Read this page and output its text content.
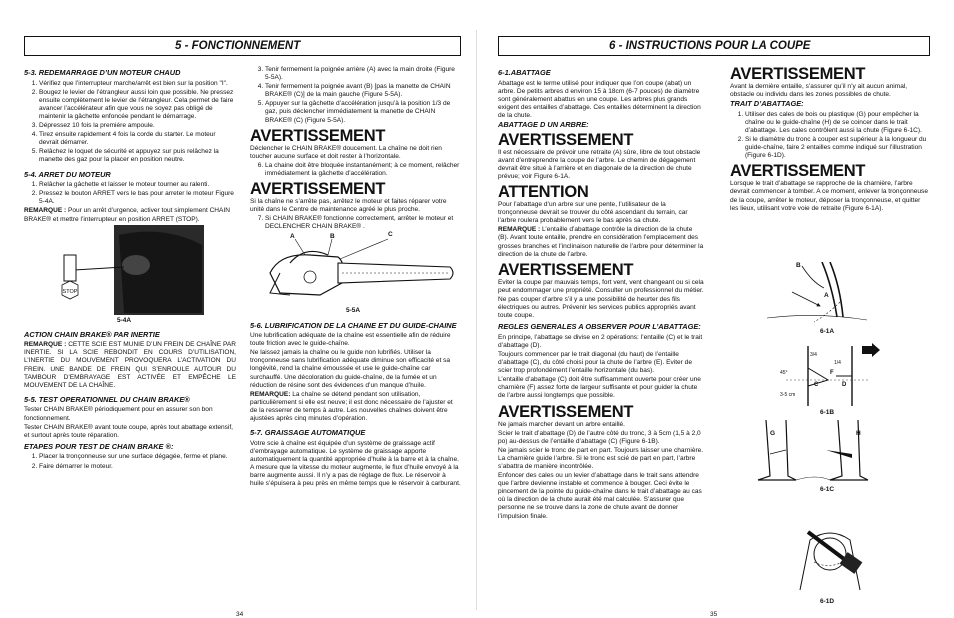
5 - FONCTIONNEMENT
5-3. REDEMARRAGE D’UN MOTEUR CHAUD
1. Vérifiez que l’interrupteur marche/arrêt est bien sur la position "I".
2. Bougez le levier de l’étrangleur aussi loin que possible. Ne pressez ensuite complètement le levier de l’étrangleur. Cela permet de faire avancer l’accélérateur afin que vous ne soyez pas obligé de maintenir la gâchette enfoncée pendant le démarrage.
3. Dépressez 10 fois la premiére ampoule.
4. Tirez ensuite rapidement 4 fois la corde du starter. Le moteur devrait démarrer.
5. Relâchez le loquet de sécurité et appuyez sur puis relâchez la manette des gaz pour la placer en position neutre.
5-4. ARRET DU MOTEUR
1. Relâcher la gâchette et laisser le moteur tourner au ralenti.
2. Pressez le bouton ARRET vers le bas pour arreter le moteur Figure 5-4A.

REMARQUE : Pour un arrêt d’urgence, activer tout simplement CHAIN BRAKE® et mettre l’interrupteur en position ARRET (STOP).

STOP
5-4A
ACTION CHAIN BRAKE® PAR INERTIE

REMARQUE : CETTE SCIE EST MUNIE D’UN FREIN DE CHAÎNE PAR INERTIE. SI LA SCIE REBONDIT EN COURS D’UTILISATION, L’INERTIE DU MOUVEMENT PROVOQUERA L’ACTIVATION DU FREIN. UNE BANDE DE FREIN QUI S’ENROULE AUTOUR DU TAMBOUR D’EMBRAYAGE EST ACTIVÉE ET EMPÊCHE LE MOUVEMENT DE LA CHAÎNE.

5-5. TEST OPERATIONNEL DU CHAIN BRAKE®

Tester CHAIN BRAKE® périodiquement pour en assurer son bon fonctionnement.

Tester CHAIN BRAKE® avant toute coupe, après tout abattage extensif, et surtout après toute réparation.

ETAPES POUR TEST DE CHAIN BRAKE ®:
1. Placer la tronçonneuse sur une surface dégagée, ferme et plane.
2. Faire démarrer le moteur.
3. Tenir fermement la poignée arrière (A) avec la main droite (Figure 5-5A).
4. Tenir fermement la poignée avant (B) [pas la manette de CHAIN BRAKE® (C)] de la main gauche (Figure 5-5A).
5. Appuyer sur la gâchette d’accélération jusqu’à la position 1/3 de gaz, puis déclencher immédiatement la manette de CHAIN BRAKE® (C) (Figure 5-5A).
AVERTISSEMENT

Déclencher le CHAIN BRAKE® doucement. La chaîne ne doit rien toucher aucune surface et doit rester à l’horizontale.

6. La chaine doit être bloquée instantanément; à ce moment, relâcher immédiatement la gâchette d’accélération.
AVERTISSEMENT

Si la chaîne ne s’arrête pas, arrêtez le moteur et faites réparer votre unité dans le Centre de maintenance agréé le plus proche.

7. Si CHAIN BRAKE® fonctionne correctement, arrêter le moteur et DECLENCHER CHAIN BRAKE® .
A	B	C
5-5A
5-6. LUBRIFICATION DE LA CHAINE ET DU GUIDE-CHAINE

Une lubrification adéquate de la chaîne est essentielle afin de réduire toute friction avec le guide-chaîne.

Ne laissez jamais la chaîne ou le guide non lubrifiés. Utiliser la tronçonneuse sans lubrification adéquate diminue son efficacité et sa longévité, rend la chaîne émoussée et use le guide-chaîne car surchauffé. Une décoloration du guide-chaîne, de la fumée et un réduction de résine sont des évidences d’un manque d’huile.

REMARQUE: La chaîne se détend pendant son utilisation, particulièrement si elle est neuve; il est donc nécessaire de l’ajuster et de la resserrer de temps à autre. Les nouvelles chaînes doivent être ajustées après cinq minutes d’opération.

5-7. GRAISSAGE AUTOMATIQUE

Votre scie à chaîne est équipée d’un système de graissage actif d’embrayage automatique. Le système de graissage apporte automatiquement la quantité appropriée d’huile à la barre et à la chaîne. A mesure que la vitesse du moteur augmente, le flux d’huile envoyé à la barre augmente aussi. Il n’y a pas de réglage de flux. Le réservoir à huile s’épuisera à peu près en même temps que le réservoir à carburant.

34
6 - INSTRUCTIONS POUR LA COUPE
6-1.ABATTAGE

Abattage est le terme utilisé pour indiquer que l’on coupe (abat) un arbre. De petits arbres d environ 15 à 18cm (6-7 pouces) de diamètre sont généralement abattus en une coupe. Les arbres plus grands exigent des entailles d’abattage. Ces entailles déterminent la direction de la chute.

ABATTAGE D UN ARBRE:
AVERTISSEMENT

Il est nécessaire de prévoir une retraite (A) sûre, libre de tout obstacle avant d’entreprendre la coupe de l’arbre. Le chemin de dégagement devrait être situé à l’arrière et en diagonale de la direction de chute prévue; voir Figure 6-1A.

ATTENTION

Pour l’abattage d’un arbre sur une pente, l’utilisateur de la tronçonneuse devrait se trouver du côté ascendant du terrain, car l’arbre roulera probablement vers le bas après sa chute.

REMARQUE : L’entaille d’abattage contrôle la direction de la chute (B). Avant toute entaille, prendre en considération l’emplacement des grosses branches et l’inclinaison naturelle de l’arbre pour déterminer la direction de la chute de l’arbre.

AVERTISSEMENT

Eviter la coupe par mauvais temps, fort vent, vent changeant ou si cela peut endommager une propriété. Consulter un professionnel du métier.

Ne pas couper d’arbre s’il y a une possibilité de heurter des fils électriques ou autres. Prévenir les services publics appropriés avant toute coupe.

REGLES GENERALES A OBSERVER POUR L’ABATTAGE:

En principe, l’abattage se divise en 2 opérations: l’entaille (C) et le trait d’abattage (D).

Toujours commencer par le trait diagonal (du haut) de l’entaille d’abattage (C), du côté choisi pour la chute de l’arbre (E). Eviter de scier trop profondément l’entaille horizontale (du bas).

L’entaille d’abattage (C) doit être suffisamment ouverte pour créer une charnière (F) assez forte de largeur suffisante et pour guider la chute de l’arbre aussi longtemps que possible.

AVERTISSEMENT

Ne jamais marcher devant un arbre entaillé.

Scier le trait d’abattage (D) de l’autre côté du tronc, 3 à 5cm (1,5 à 2,0 po) au-dessus de l’entaille d’abattage (C) (Figure 6-1B).

Ne jamais scier le tronc de part en part. Toujours laisser une charnière. La charnière guide l’arbre. Si le tronc est scié de part en part, l’arbre s’abattra de manière incontrôlée.

Enfoncer des cales ou un levier d’abattage dans le trait sans attendre que l’arbre devienne instable et commence à bouger. Ceci évite le pincement de la pointe du guide-chaîne dans le trait d’abattage au cas où la direction de la chute aurait été mal calculée. S’assurer que personne ne se trouve dans la zone de chute avant de donner l’impulsion finale.

AVERTISSEMENT

Avant la dernière entaille, s’assurer qu’il n’y ait aucun animal, obstacle ou individu dans les zones possibles de chute.

TRAIT D’ABATTAGE:
1. Utiliser des cales de bois ou plastique (G) pour empêcher la chaîne ou le guide-chaîne (H) de se coincer dans le trait d’abattage. Les cales contrôlent aussi la chute (Figure 6-1C).
2. Si le diamètre du tronc à couper est supérieur à la longueur du guide-chaîne, faire 2 entailles comme indiqué sur l’illustration (Figure 6-1D).
AVERTISSEMENT

Lorsque le trait d’abattage se rapproche de la charnière, l’arbre devrait commencer à tomber. A ce moment, enlever la tronçonneuse de la coupe, arrêter le moteur, déposer la tronçonneuse, et quitter les lieux, utilisant votre voie de retraite (Figure 6-1A).

B
A
6-1A
3/4
1/4
3-5 cm
45°
C	D
F
6-1B
G	H
6-1C
6-1D
35
